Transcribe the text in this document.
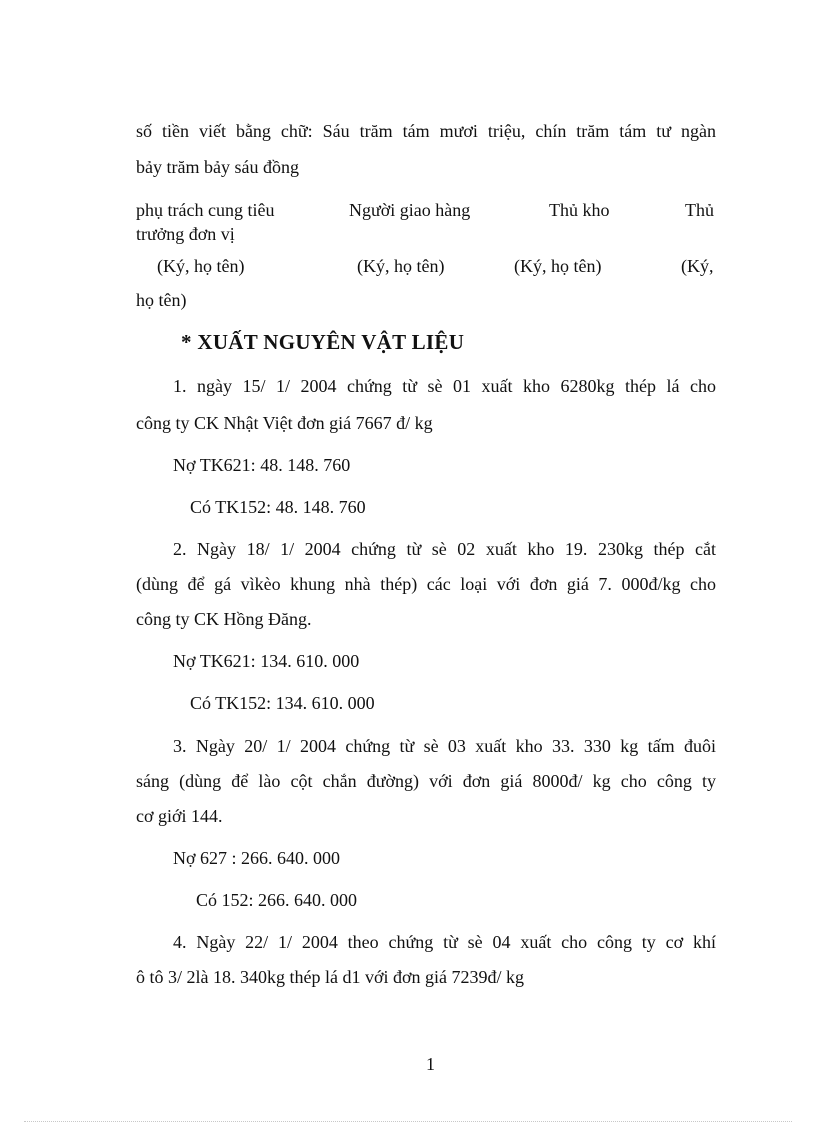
số tiền viết bằng chữ: Sáu trăm tám mươi triệu, chín trăm tám tư ngàn
bảy trăm bảy sáu đồng
phụ trách cung tiêu	Người giao hàng	Thủ kho	Thủ
trưởng đơn vị
(Ký, họ tên)	(Ký, họ tên)	(Ký, họ tên)	(Ký,
họ tên)
* XUẤT NGUYÊN VẬT LIỆU
1. ngày 15/ 1/ 2004 chứng từ sè 01 xuất kho 6280kg thép lá cho
công ty CK Nhật Việt đơn giá 7667 đ/ kg
Nợ TK621: 48. 148. 760
Có TK152: 48. 148. 760
2. Ngày 18/ 1/ 2004 chứng từ sè 02 xuất kho 19. 230kg thép cắt
(dùng để gá vìkèo khung nhà thép) các loại với đơn giá 7. 000đ/kg cho
công ty CK Hồng Đăng.
Nợ TK621: 134. 610. 000
Có TK152: 134. 610. 000
3. Ngày 20/ 1/ 2004 chứng từ sè 03 xuất kho 33. 330 kg tấm đuôi
sáng (dùng để lào cột chắn đường) với đơn giá 8000đ/ kg cho công ty
cơ giới 144.
Nợ 627 : 266. 640. 000
Có 152: 266. 640. 000
4. Ngày 22/ 1/ 2004 theo chứng từ sè 04 xuất cho công ty cơ khí
ô tô 3/ 2là 18. 340kg thép lá d1 với đơn giá 7239đ/ kg
1
